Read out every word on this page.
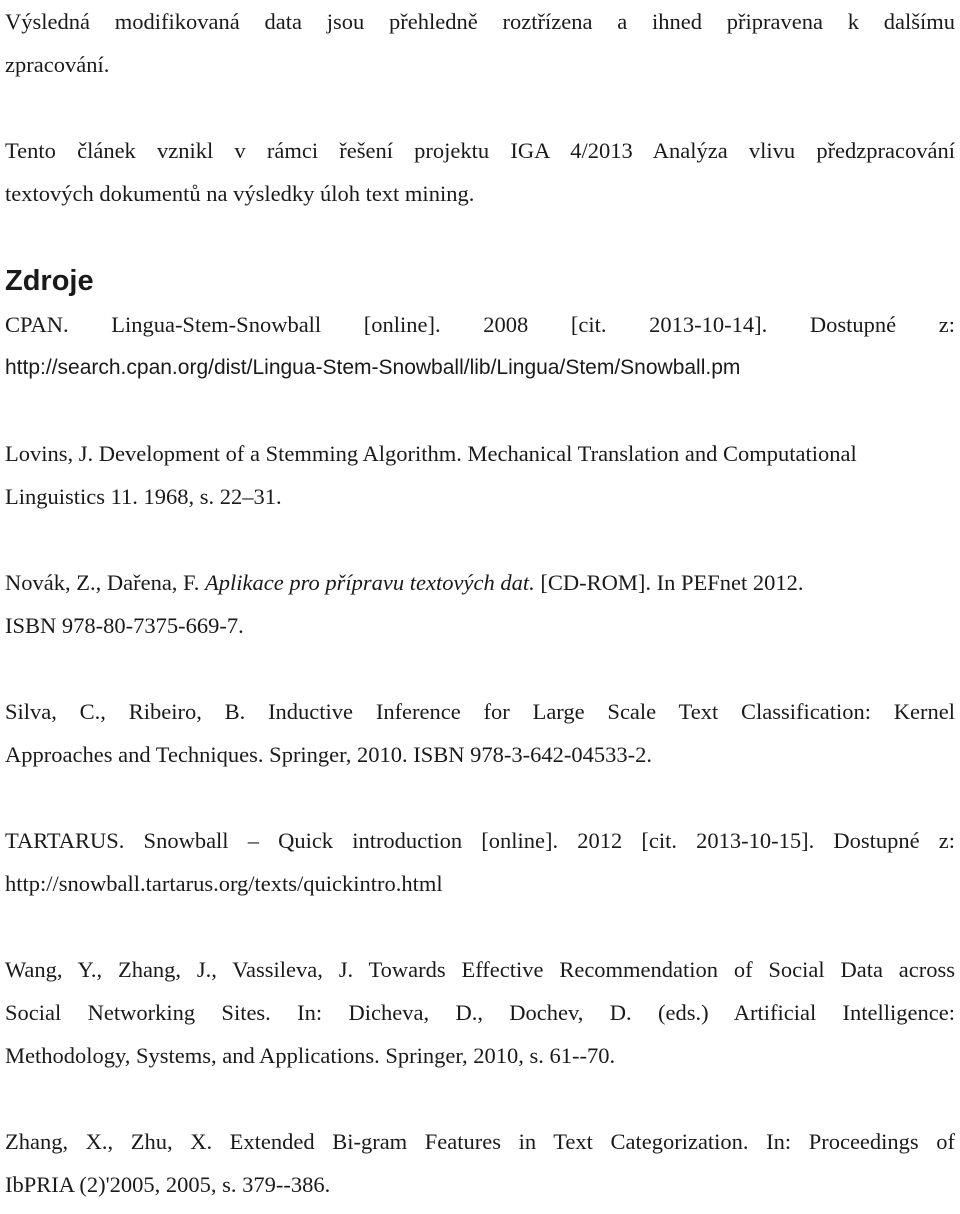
Výsledná modifikovaná data jsou přehledně roztřízena a ihned připravena k dalšímu
zpracování.
Tento článek vznikl v rámci řešení projektu IGA 4/2013 Analýza vlivu předzpracování
textových dokumentů na výsledky úloh text mining.
Zdroje
CPAN. Lingua-Stem-Snowball [online]. 2008 [cit. 2013-10-14]. Dostupné z:
http://search.cpan.org/dist/Lingua-Stem-Snowball/lib/Lingua/Stem/Snowball.pm
Lovins, J. Development of a Stemming Algorithm. Mechanical Translation and Computational
Linguistics 11. 1968, s. 22–31.
Novák, Z., Dařena, F. Aplikace pro přípravu textových dat. [CD-ROM]. In PEFnet 2012.
ISBN 978-80-7375-669-7.
Silva, C., Ribeiro, B. Inductive Inference for Large Scale Text Classification: Kernel
Approaches and Techniques. Springer, 2010. ISBN 978-3-642-04533-2.
TARTARUS. Snowball – Quick introduction [online]. 2012 [cit. 2013-10-15]. Dostupné z:
http://snowball.tartarus.org/texts/quickintro.html
Wang, Y., Zhang, J., Vassileva, J. Towards Effective Recommendation of Social Data across
Social Networking Sites. In: Dicheva, D., Dochev, D. (eds.) Artificial Intelligence:
Methodology, Systems, and Applications. Springer, 2010, s. 61--70.
Zhang, X., Zhu, X. Extended Bi-gram Features in Text Categorization. In: Proceedings of
IbPRIA (2)'2005, 2005, s. 379--386.
